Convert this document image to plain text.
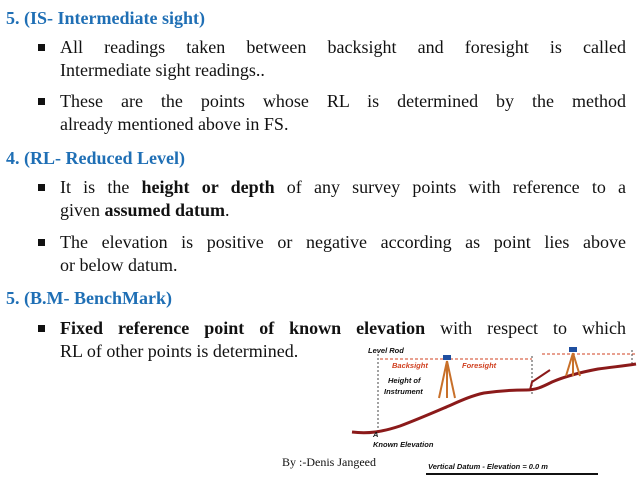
5. (IS- Intermediate sight)
All readings taken between backsight and foresight is called
Intermediate sight readings..
These are the points whose RL is determined by the method
already mentioned above in FS.
4. (RL- Reduced Level)
It is the height or depth of any survey points with reference to a
given assumed datum.
The elevation is positive or negative according as point lies above
or below datum.
5. (B.M- BenchMark)
Fixed reference point of known elevation with respect to which
RL of other points is determined.	Level Rod
Backsight	Foresight
Height of
Instrument
A
Known Elevation
Vertical Datum - Elevation = 0.0 m
By :-Denis Jangeed
